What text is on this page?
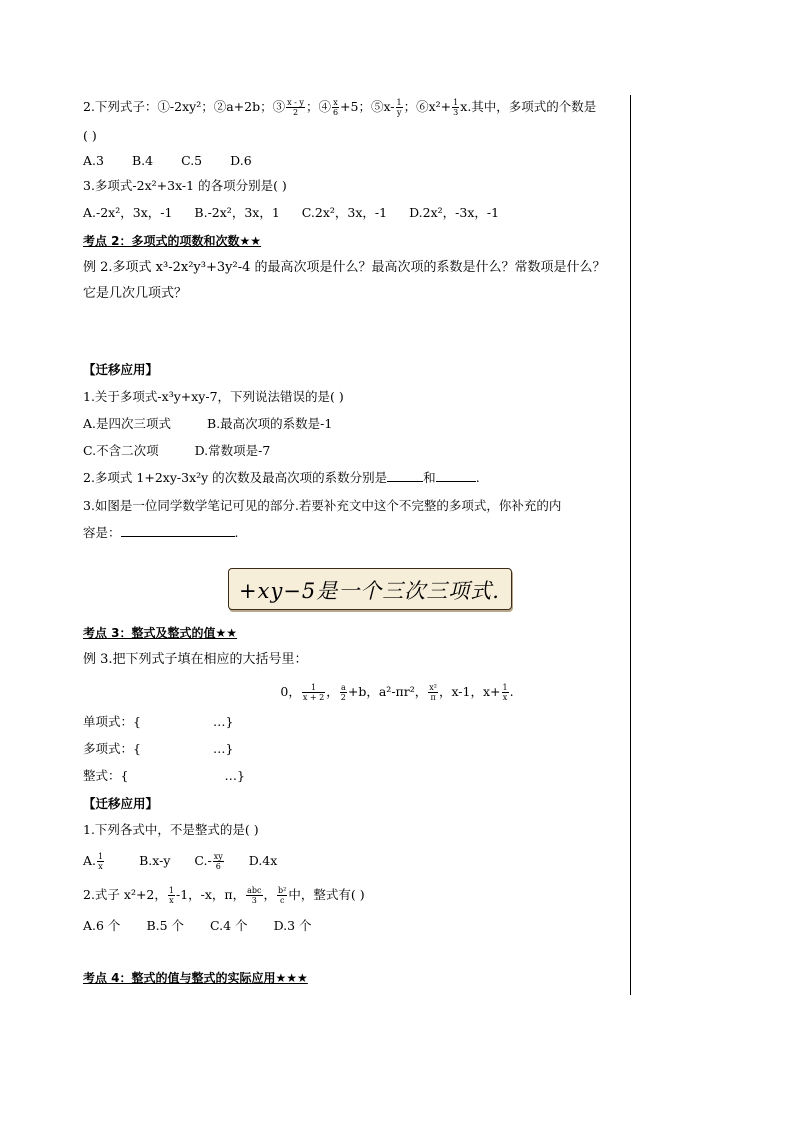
2.下列式子：①-2xy²；②a+2b；③ $\frac{x - y}{2}$ ；④ $\frac{x}{6} +5$；⑤x- $\frac{1}{y}$ ；⑥x²+ $\frac{1}{3} x$.其中，多项式的个数是
( )
A.3 B.4 C.5 D.6
3.多项式-2x²+3x-1 的各项分别是( )
A.-2x²，3x，-1 B.-2x²，3x，1 C.2x²，3x，-1 D.2x²，-3x，-1
考点 2：多项式的项数和次数★★
例 2.多项式 x³-2x²y³+3y²-4 的最高次项是什么？最高次项的系数是什么？常数项是什么？
它是几次几项式？
【迁移应用】
1.关于多项式-x³y+xy-7，下列说法错误的是( )
A.是四次三项式	B.最高次项的系数是-1
C.不含二次项	D.常数项是-7
2.多项式 1+2xy-3x²y 的次数及最高次项的系数分别是	和	.
3.如图是一位同学数学笔记可见的部分.若要补充文中这个不完整的多项式，你补充的内
容是：	.
+xy−5是一个三次三项式.
考点 3：整式及整式的值★★
例 3.把下列式子填在相应的大括号里：
0， $\frac{1}{x + 2}$ ， $\frac{a}{2} +b$，a²-πr²， $\frac{\text{x²}}{\pi}$ ，x-1，$x+ \frac{1}{x}$ .
单项式：{	…}
多项式：{	…}
整式：{	…}
【迁移应用】
1.下列各式中，不是整式的是( )
A. $\frac{1}{x}$	B.x-y $C.- \frac{xy}{6} D.4x$
2.式子 x²+2， $\frac{1}{x} -1$，-x，π， $\frac{\text{abc}}{3}$ ， $\frac{\text{b²}}{c}$ 中，整式有( )
A.6 个 B.5 个 C.4 个 D.3 个
考点 4：整式的值与整式的实际应用★★★
